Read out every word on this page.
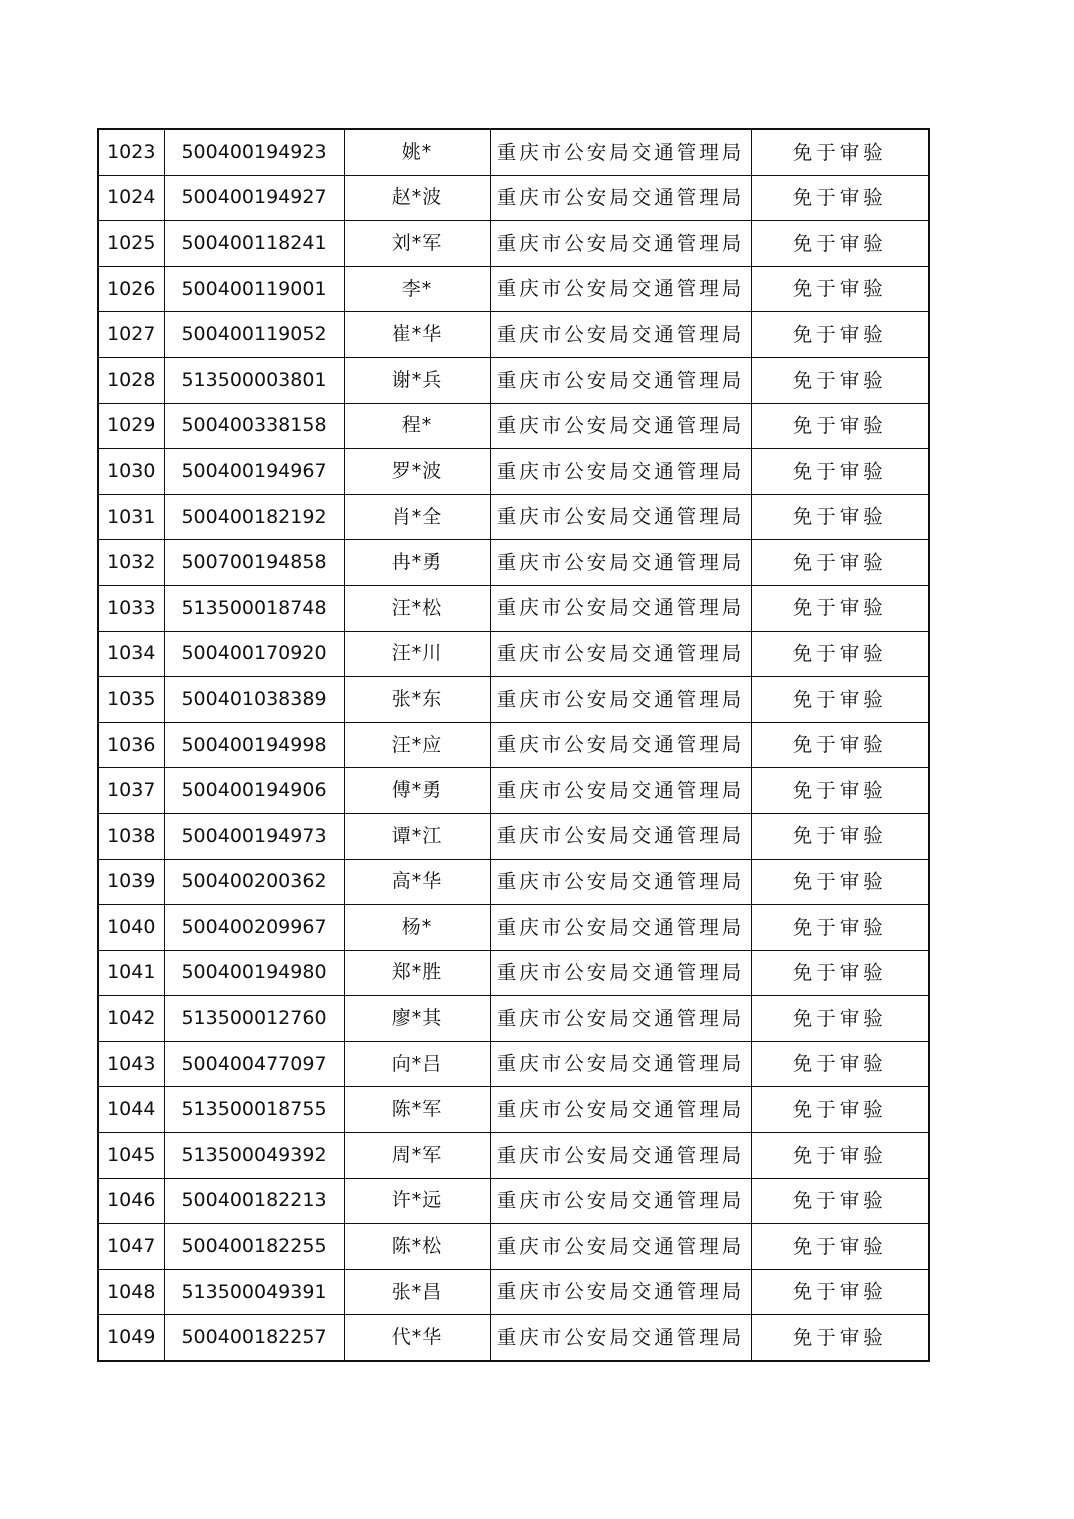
1023	500400194923	姚*	重庆市公安局交通管理局	免于审验
1024	500400194927	赵*波	重庆市公安局交通管理局	免于审验
1025	500400118241	刘*军	重庆市公安局交通管理局	免于审验
1026	500400119001	李*	重庆市公安局交通管理局	免于审验
1027	500400119052	崔*华	重庆市公安局交通管理局	免于审验
1028	513500003801	谢*兵	重庆市公安局交通管理局	免于审验
1029	500400338158	程*	重庆市公安局交通管理局	免于审验
1030	500400194967	罗*波	重庆市公安局交通管理局	免于审验
1031	500400182192	肖*全	重庆市公安局交通管理局	免于审验
1032	500700194858	冉*勇	重庆市公安局交通管理局	免于审验
1033	513500018748	汪*松	重庆市公安局交通管理局	免于审验
1034	500400170920	汪*川	重庆市公安局交通管理局	免于审验
1035	500401038389	张*东	重庆市公安局交通管理局	免于审验
1036	500400194998	汪*应	重庆市公安局交通管理局	免于审验
1037	500400194906	傅*勇	重庆市公安局交通管理局	免于审验
1038	500400194973	谭*江	重庆市公安局交通管理局	免于审验
1039	500400200362	高*华	重庆市公安局交通管理局	免于审验
1040	500400209967	杨*	重庆市公安局交通管理局	免于审验
1041	500400194980	郑*胜	重庆市公安局交通管理局	免于审验
1042	513500012760	廖*其	重庆市公安局交通管理局	免于审验
1043	500400477097	向*吕	重庆市公安局交通管理局	免于审验
1044	513500018755	陈*军	重庆市公安局交通管理局	免于审验
1045	513500049392	周*军	重庆市公安局交通管理局	免于审验
1046	500400182213	许*远	重庆市公安局交通管理局	免于审验
1047	500400182255	陈*松	重庆市公安局交通管理局	免于审验
1048	513500049391	张*昌	重庆市公安局交通管理局	免于审验
1049	500400182257	代*华	重庆市公安局交通管理局	免于审验
